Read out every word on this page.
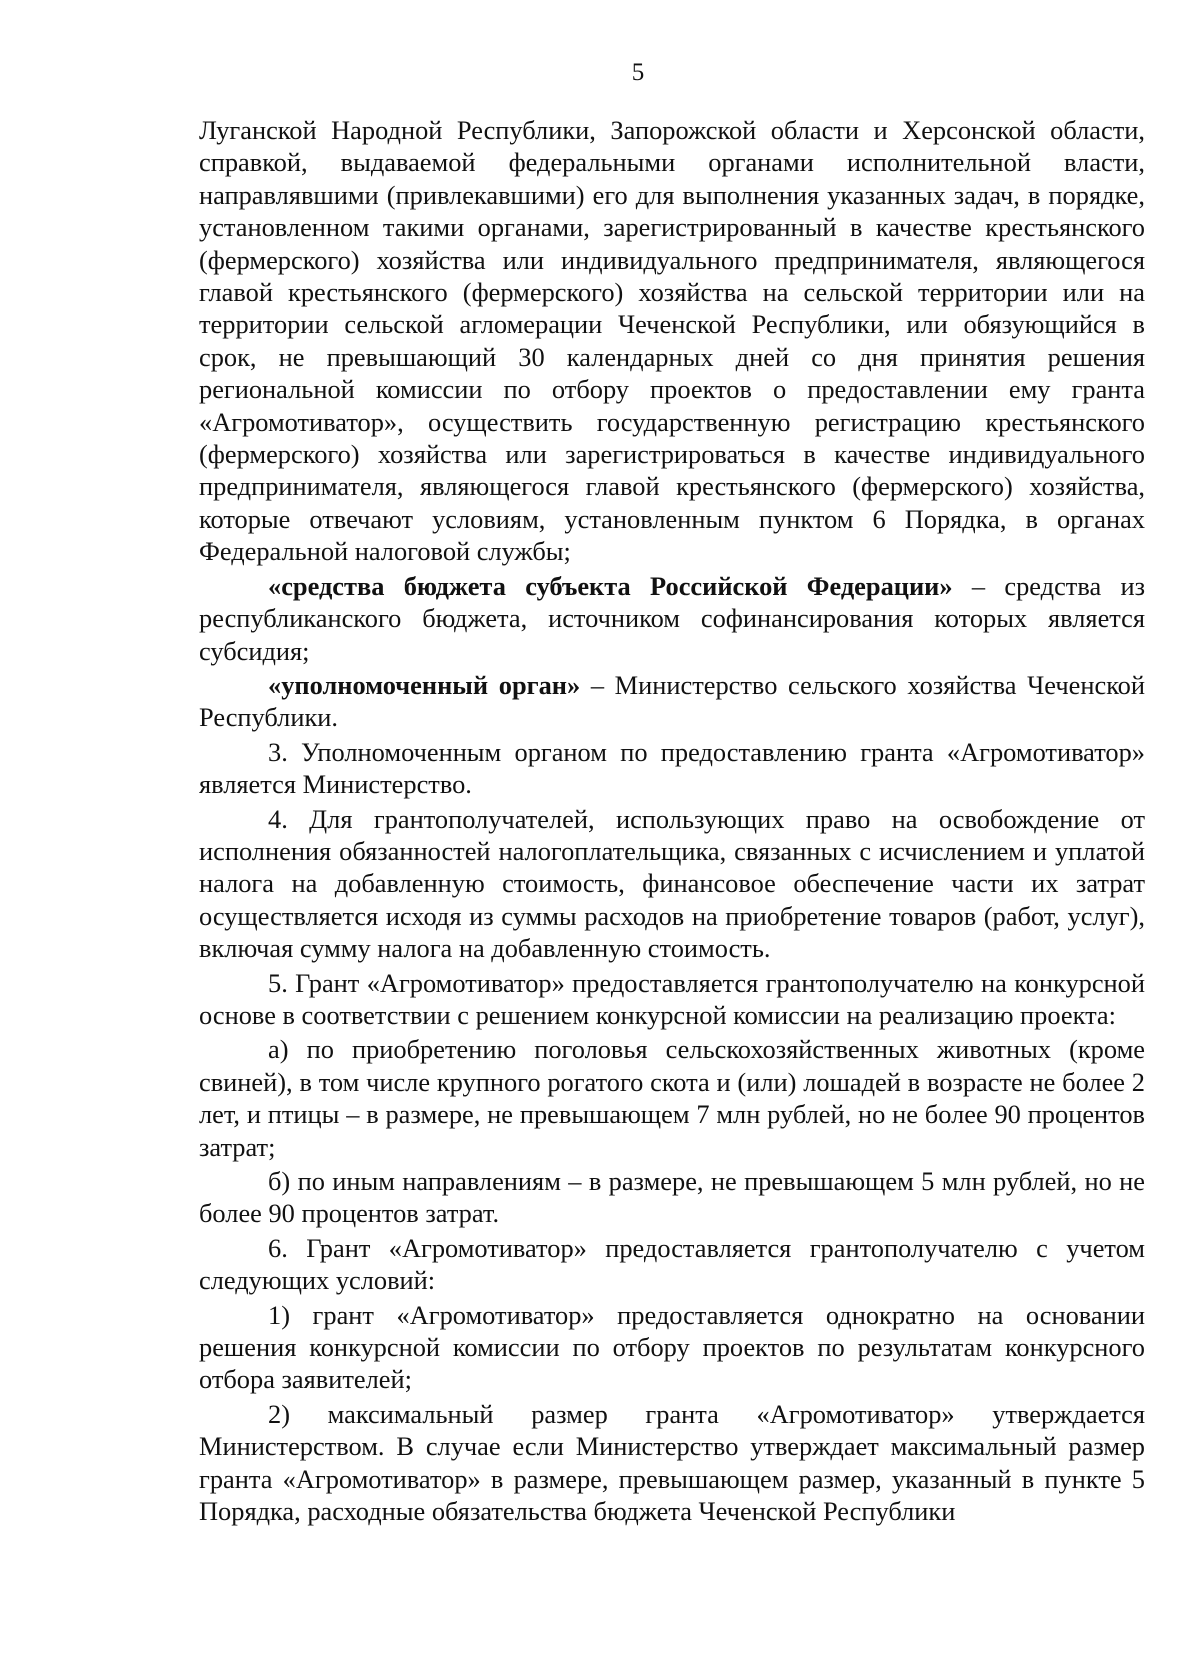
5

Луганской Народной Республики, Запорожской области и Херсонской области, справкой, выдаваемой федеральными органами исполнительной власти, направлявшими (привлекавшими) его для выполнения указанных задач, в порядке, установленном такими органами, зарегистрированный в качестве крестьянского (фермерского) хозяйства или индивидуального предпринимателя, являющегося главой крестьянского (фермерского) хозяйства на сельской территории или на территории сельской агломерации Чеченской Республики, или обязующийся в срок, не превышающий 30 календарных дней со дня принятия решения региональной комиссии по отбору проектов о предоставлении ему гранта «Агромотиватор», осуществить государственную регистрацию крестьянского (фермерского) хозяйства или зарегистрироваться в качестве индивидуального предпринимателя, являющегося главой крестьянского (фермерского) хозяйства, которые отвечают условиям, установленным пунктом 6 Порядка, в органах Федеральной налоговой службы;

«средства бюджета субъекта Российской Федерации» – средства из республиканского бюджета, источником софинансирования которых является субсидия;

«уполномоченный орган» – Министерство сельского хозяйства Чеченской Республики.

3. Уполномоченным органом по предоставлению гранта «Агромотиватор» является Министерство.

4. Для грантополучателей, использующих право на освобождение от исполнения обязанностей налогоплательщика, связанных с исчислением и уплатой налога на добавленную стоимость, финансовое обеспечение части их затрат осуществляется исходя из суммы расходов на приобретение товаров (работ, услуг), включая сумму налога на добавленную стоимость.

5. Грант «Агромотиватор» предоставляется грантополучателю на конкурсной основе в соответствии с решением конкурсной комиссии на реализацию проекта:

а) по приобретению поголовья сельскохозяйственных животных (кроме свиней), в том числе крупного рогатого скота и (или) лошадей в возрасте не более 2 лет, и птицы – в размере, не превышающем 7 млн рублей, но не более 90 процентов затрат;

б) по иным направлениям – в размере, не превышающем 5 млн рублей, но не более 90 процентов затрат.

6. Грант «Агромотиватор» предоставляется грантополучателю с учетом следующих условий:

1) грант «Агромотиватор» предоставляется однократно на основании решения конкурсной комиссии по отбору проектов по результатам конкурсного отбора заявителей;

2) максимальный размер гранта «Агромотиватор» утверждается Министерством. В случае если Министерство утверждает максимальный размер гранта «Агромотиватор» в размере, превышающем размер, указанный в пункте 5 Порядка, расходные обязательства бюджета Чеченской Республики
